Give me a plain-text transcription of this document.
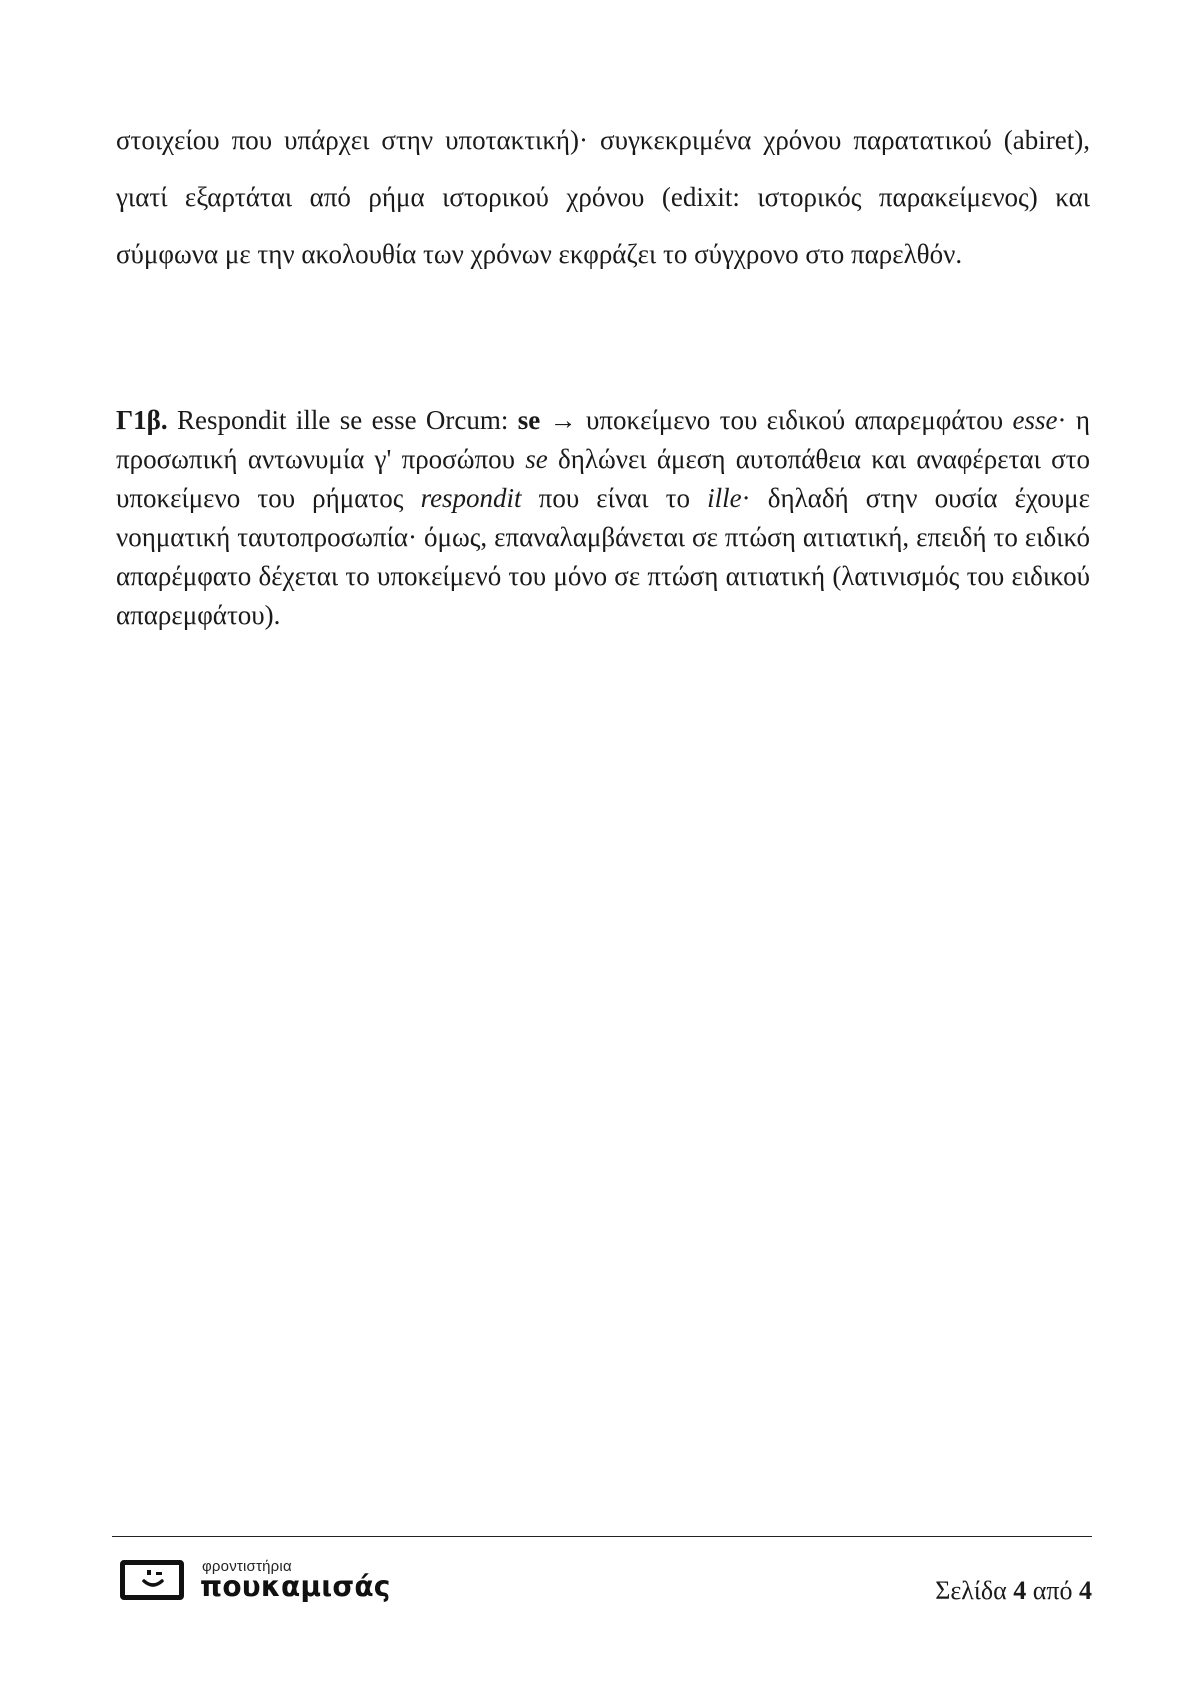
στοιχείου που υπάρχει στην υποτακτική)· συγκεκριμένα χρόνου παρατατικού (abiret), γιατί εξαρτάται από ρήμα ιστορικού χρόνου (edixit: ιστορικός παρακείμενος) και σύμφωνα με την ακολουθία των χρόνων εκφράζει το σύγχρονο στο παρελθόν.

Γ1β. Respondit ille se esse Orcum: se → υποκείμενο του ειδικού απαρεμφάτου esse· η προσωπική αντωνυμία γ' προσώπου se δηλώνει άμεση αυτοπάθεια και αναφέρεται στο υποκείμενο του ρήματος respondit που είναι το ille· δηλαδή στην ουσία έχουμε νοηματική ταυτοπροσωπία· όμως, επαναλαμβάνεται σε πτώση αιτιατική, επειδή το ειδικό απαρέμφατο δέχεται το υποκείμενό του μόνο σε πτώση αιτιατική (λατινισμός του ειδικού απαρεμφάτου).

φροντιστήρια
πουκαμισάς	Σελίδα 4 από 4
